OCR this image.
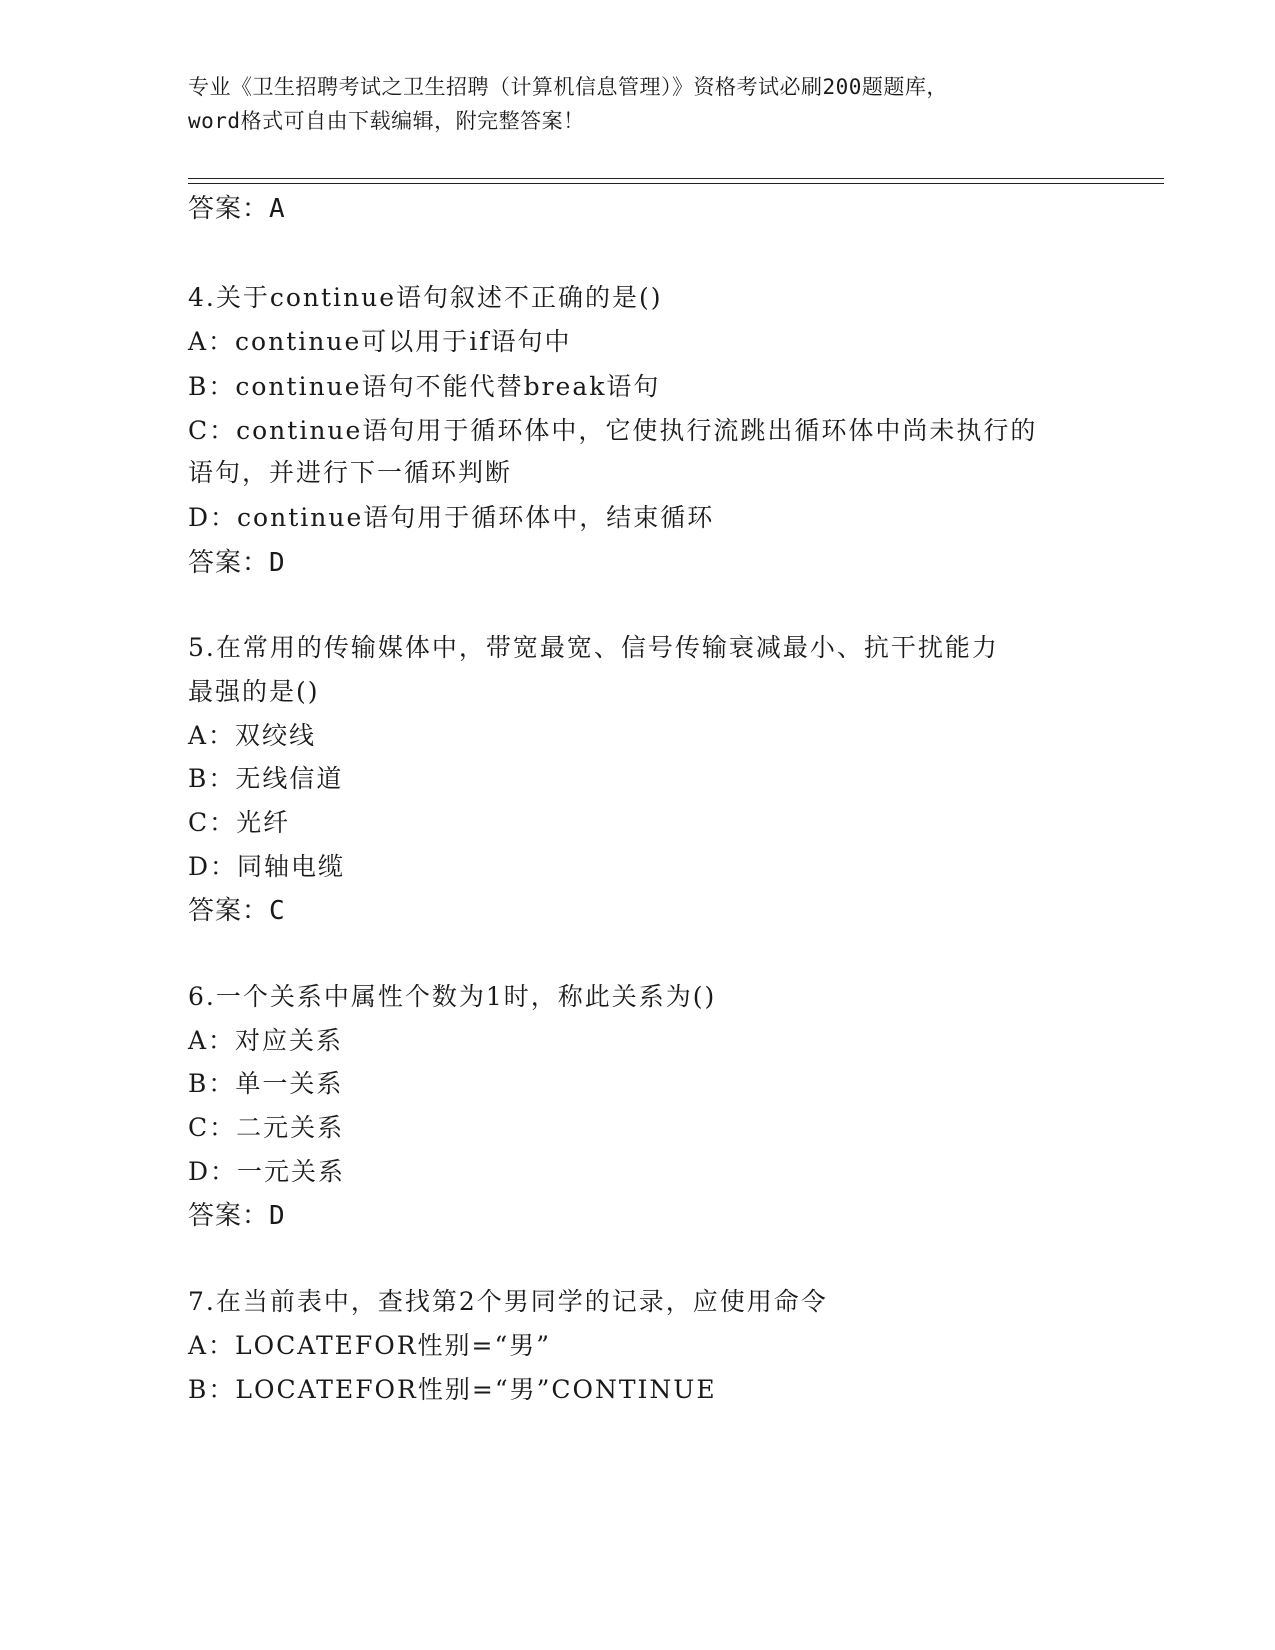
专业《卫生招聘考试之卫生招聘（计算机信息管理）》资格考试必刷200题题库，
word格式可自由下载编辑，附完整答案！
答案：A
4.关于continue语句叙述不正确的是()
A：continue可以用于if语句中
B：continue语句不能代替break语句
C：continue语句用于循环体中，它使执行流跳出循环体中尚未执行的
语句，并进行下一循环判断
D：continue语句用于循环体中，结束循环
答案：D
5.在常用的传输媒体中，带宽最宽、信号传输衰减最小、抗干扰能力
最强的是()
A：双绞线
B：无线信道
C：光纤
D：同轴电缆
答案：C
6.一个关系中属性个数为1时，称此关系为()
A：对应关系
B：单一关系
C：二元关系
D：一元关系
答案：D
7.在当前表中，查找第2个男同学的记录，应使用命令
A：LOCATEFOR性别=“男”
B：LOCATEFOR性别=“男”CONTINUE
